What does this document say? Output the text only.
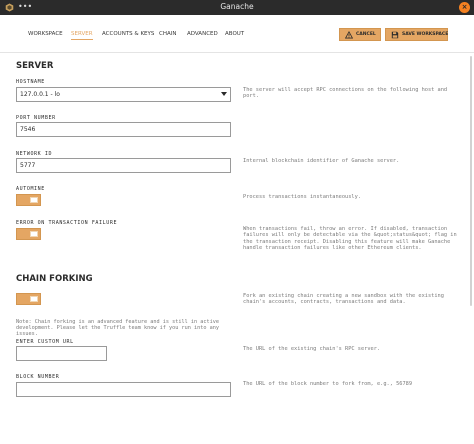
•••	Ganache	×
WORKSPACE SERVER ACCOUNTS & KEYS CHAIN ADVANCED ABOUT	CANCEL	SAVE WORKSPACE
SERVER
HOSTNAME
127.0.0.1 - lo
The server will accept RPC connections on the following host and port.
PORT NUMBER
7546
NETWORK ID
5777
Internal blockchain identifier of Ganache server.
AUTOMINE
Process transactions instantaneously.
ERROR ON TRANSACTION FAILURE
When transactions fail, throw an error. If disabled, transaction failures will only be detectable via the &quot;status&quot; flag in the transaction receipt. Disabling this feature will make Ganache handle transaction failures like other Ethereum clients.
CHAIN FORKING
Fork an existing chain creating a new sandbox with the existing chain's accounts, contracts, transactions and data.
Note: Chain forking is an advanced feature and is still in active development. Please let the Truffle team know if you run into any issues.
ENTER CUSTOM URL
The URL of the existing chain's RPC server.
BLOCK NUMBER
The URL of the block number to fork from, e.g., 56789
